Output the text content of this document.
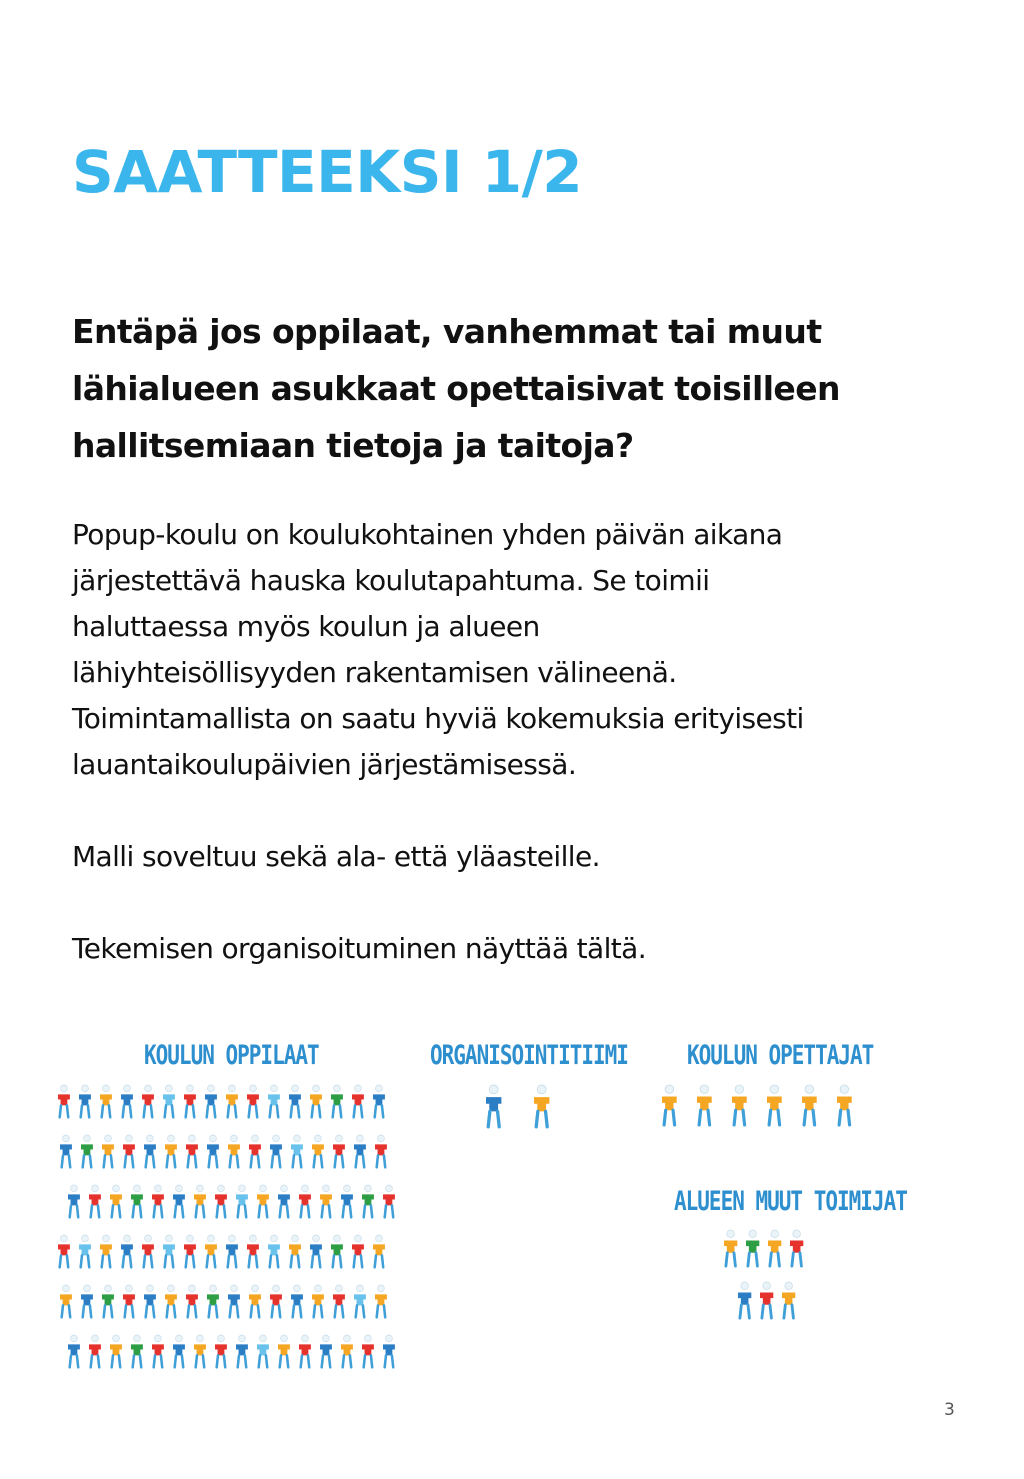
SAATTEEKSI 1/2
Entäpä jos oppilaat, vanhemmat tai muut
lähialueen asukkaat opettaisivat toisilleen
hallitsemiaan tietoja ja taitoja?
Popup-koulu on koulukohtainen yhden päivän aikana
järjestettävä hauska koulutapahtuma. Se toimii
haluttaessa myös koulun ja alueen
lähiyhteisöllisyyden rakentamisen välineenä.
Toimintamallista on saatu hyviä kokemuksia erityisesti
lauantaikoulupäivien järjestämisessä.
Malli soveltuu sekä ala- että yläasteille.
Tekemisen organisoituminen näyttää tältä.
KOULUN OPPILAAT	ORGANISOINTITIIMI	KOULUN OPETTAJAT
ALUEEN MUUT TOIMIJAT
3
